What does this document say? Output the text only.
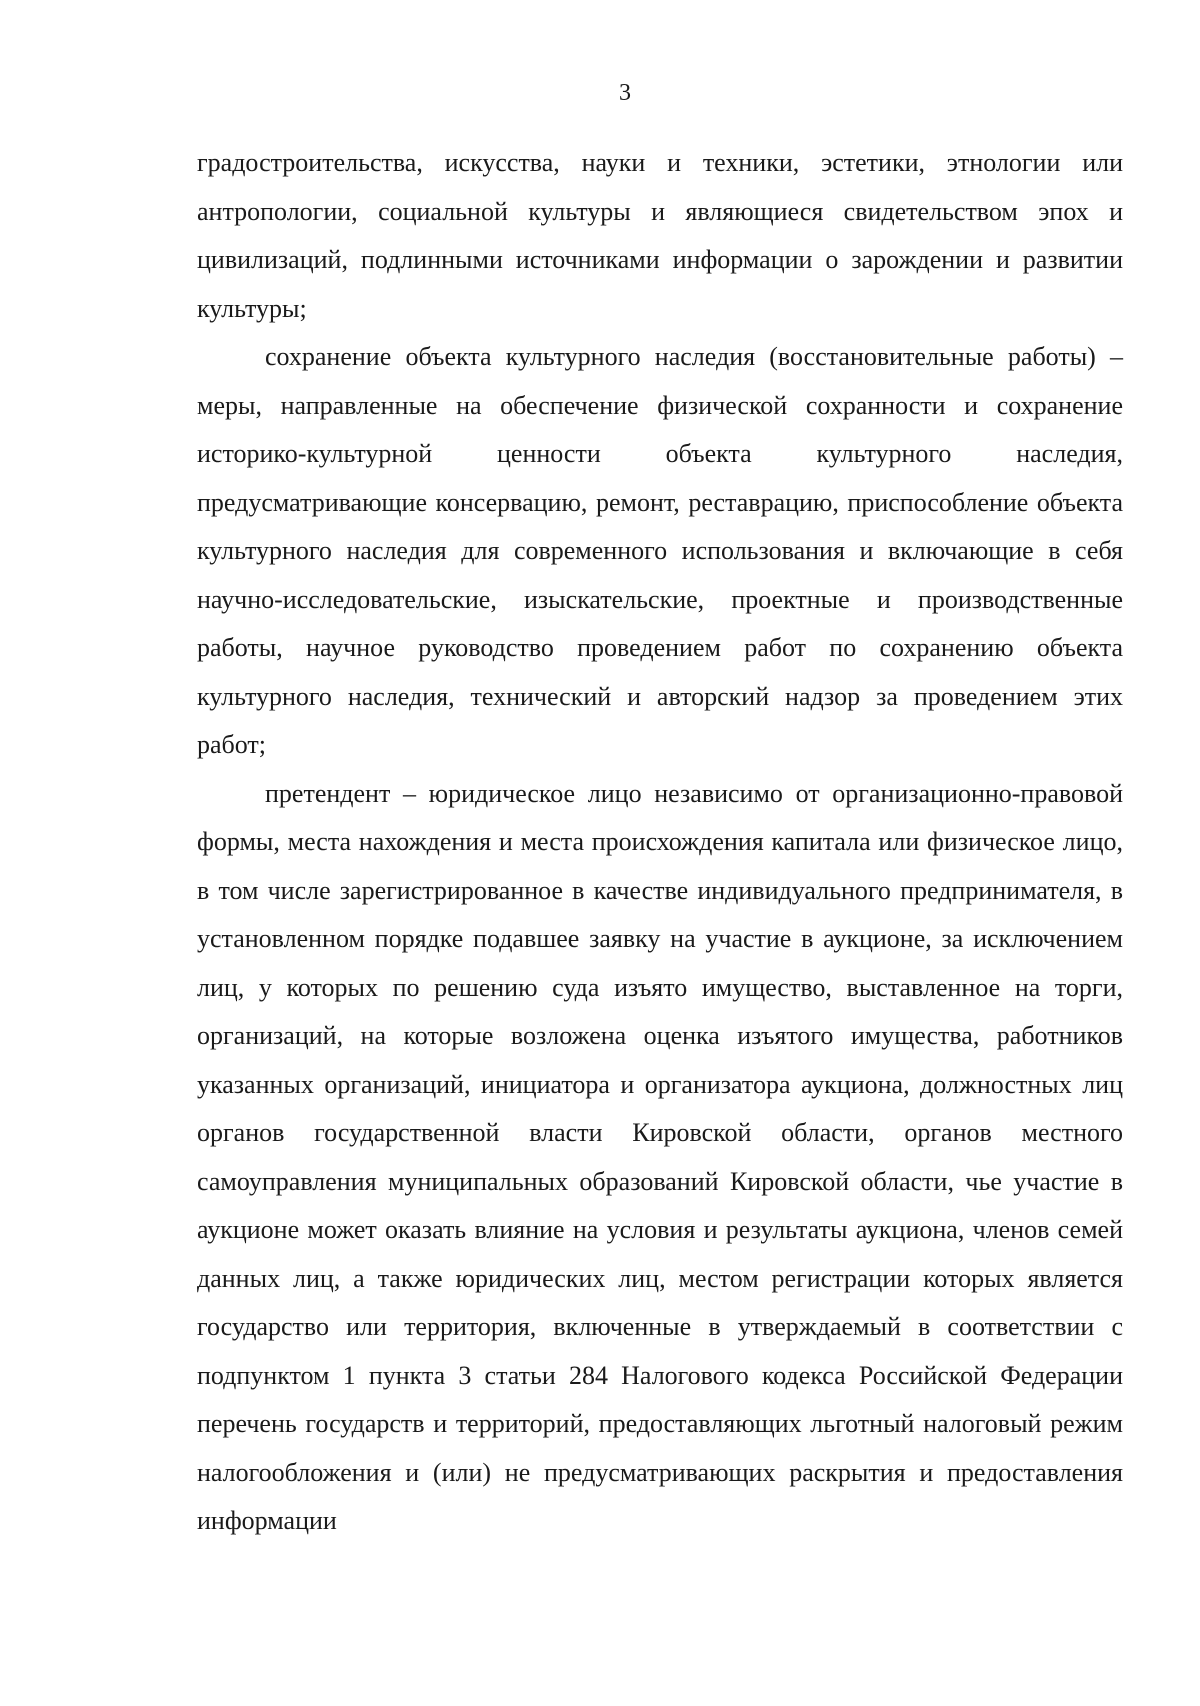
3

градостроительства, искусства, науки и техники, эстетики, этнологии или антропологии, социальной культуры и являющиеся свидетельством эпох и цивилизаций, подлинными источниками информации о зарождении и развитии культуры;

сохранение объекта культурного наследия (восстановительные работы) – меры, направленные на обеспечение физической сохранности и сохранение историко-культурной ценности объекта культурного наследия, предусматривающие консервацию, ремонт, реставрацию, приспособление объекта культурного наследия для современного использования и включающие в себя научно-исследовательские, изыскательские, проектные и производственные работы, научное руководство проведением работ по сохранению объекта культурного наследия, технический и авторский надзор за проведением этих работ;

претендент – юридическое лицо независимо от организационно-правовой формы, места нахождения и места происхождения капитала или физическое лицо, в том числе зарегистрированное в качестве индивидуального предпринимателя, в установленном порядке подавшее заявку на участие в аукционе, за исключением лиц, у которых по решению суда изъято имущество, выставленное на торги, организаций, на которые возложена оценка изъятого имущества, работников указанных организаций, инициатора и организатора аукциона, должностных лиц органов государственной власти Кировской области, органов местного самоуправления муниципальных образований Кировской области, чье участие в аукционе может оказать влияние на условия и результаты аукциона, членов семей данных лиц, а также юридических лиц, местом регистрации которых является государство или территория, включенные в утверждаемый в соответствии с подпунктом 1 пункта 3 статьи 284 Налогового кодекса Российской Федерации перечень государств и территорий, предоставляющих льготный налоговый режим налогообложения и (или) не предусматривающих раскрытия и предоставления информации
